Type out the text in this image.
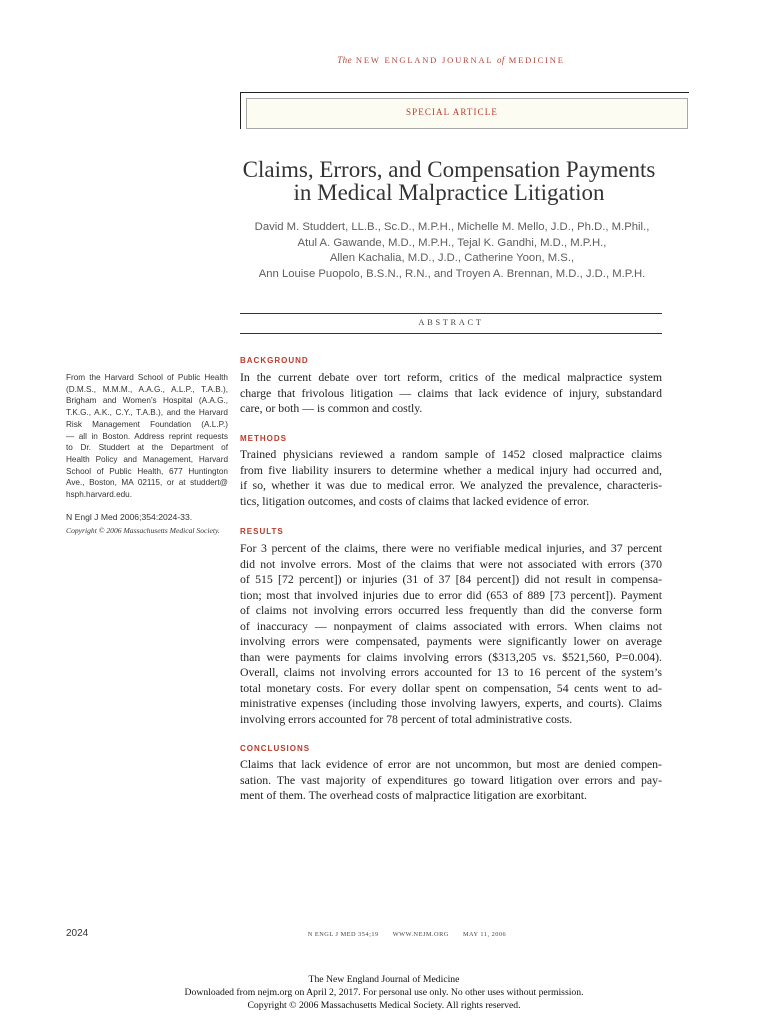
The NEW ENGLAND JOURNAL of MEDICINE
SPECIAL ARTICLE
Claims, Errors, and Compensation Payments
in Medical Malpractice Litigation
David M. Studdert, LL.B., Sc.D., M.P.H., Michelle M. Mello, J.D., Ph.D., M.Phil.,
Atul A. Gawande, M.D., M.P.H., Tejal K. Gandhi, M.D., M.P.H.,
Allen Kachalia, M.D., J.D., Catherine Yoon, M.S.,
Ann Louise Puopolo, B.S.N., R.N., and Troyen A. Brennan, M.D., J.D., M.P.H.
ABSTRACT
BACKGROUND
In the current debate over tort reform, critics of the medical malpractice system
charge that frivolous litigation — claims that lack evidence of injury, substandard
care, or both — is common and costly.
METHODS
Trained physicians reviewed a random sample of 1452 closed malpractice claims
from five liability insurers to determine whether a medical injury had occurred and,
if so, whether it was due to medical error. We analyzed the prevalence, characteris-
tics, litigation outcomes, and costs of claims that lacked evidence of error.
RESULTS
For 3 percent of the claims, there were no verifiable medical injuries, and 37 percent
did not involve errors. Most of the claims that were not associated with errors (370
of 515 [72 percent]) or injuries (31 of 37 [84 percent]) did not result in compensa-
tion; most that involved injuries due to error did (653 of 889 [73 percent]). Payment
of claims not involving errors occurred less frequently than did the converse form
of inaccuracy — nonpayment of claims associated with errors. When claims not
involving errors were compensated, payments were significantly lower on average
than were payments for claims involving errors ($313,205 vs. $521,560, P=0.004).
Overall, claims not involving errors accounted for 13 to 16 percent of the system’s
total monetary costs. For every dollar spent on compensation, 54 cents went to ad-
ministrative expenses (including those involving lawyers, experts, and courts). Claims
involving errors accounted for 78 percent of total administrative costs.
CONCLUSIONS
Claims that lack evidence of error are not uncommon, but most are denied compen-
sation. The vast majority of expenditures go toward litigation over errors and pay-
ment of them. The overhead costs of malpractice litigation are exorbitant.
From the Harvard School of Public Health
(D.M.S., M.M.M., A.A.G., A.L.P., T.A.B.),
Brigham and Women’s Hospital (A.A.G.,
T.K.G., A.K., C.Y., T.A.B.), and the Harvard
Risk Management Foundation (A.L.P.)
— all in Boston. Address reprint requests
to Dr. Studdert at the Department of
Health Policy and Management, Harvard
School of Public Health, 677 Huntington
Ave., Boston, MA 02115, or at studdert@
hsph.harvard.edu.
N Engl J Med 2006;354:2024-33.
Copyright © 2006 Massachusetts Medical Society.
2024	N ENGL J MED 354;19 WWW.NEJM.ORG MAY 11, 2006
The New England Journal of Medicine
Downloaded from nejm.org on April 2, 2017. For personal use only. No other uses without permission.
Copyright © 2006 Massachusetts Medical Society. All rights reserved.
